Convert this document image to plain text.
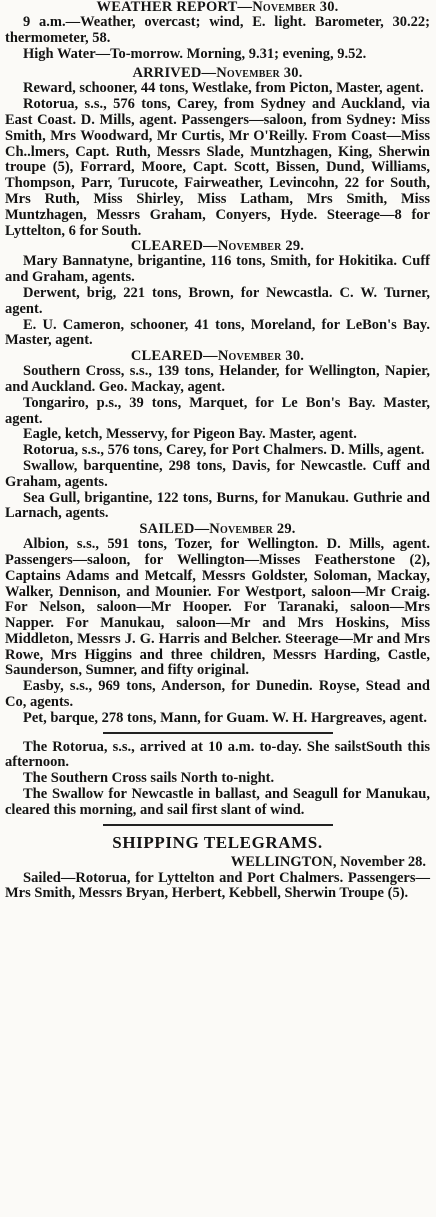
WEATHER REPORT—November 30.

9 a.m.—Weather, overcast; wind, E. light. Barometer, 30.22; thermometer, 58.

High Water—To-morrow. Morning, 9.31; evening, 9.52.

ARRIVED—November 30.

Reward, schooner, 44 tons, Westlake, from Picton, Master, agent.

Rotorua, s.s., 576 tons, Carey, from Sydney and Auckland, via East Coast. D. Mills, agent. Passengers—saloon, from Sydney: Miss Smith, Mrs Woodward, Mr Curtis, Mr O'Reilly. From Coast—Miss Ch..lmers, Capt. Ruth, Messrs Slade, Muntzhagen, King, Sherwin troupe (5), Forrard, Moore, Capt. Scott, Bissen, Dund, Williams, Thompson, Parr, Turucote, Fairweather, Levincohn, 22 for South, Mrs Ruth, Miss Shirley, Miss Latham, Mrs Smith, Miss Muntzhagen, Messrs Graham, Conyers, Hyde. Steerage—8 for Lyttelton, 6 for South.

CLEARED—November 29.

Mary Bannatyne, brigantine, 116 tons, Smith, for Hokitika. Cuff and Graham, agents.

Derwent, brig, 221 tons, Brown, for Newcastla. C. W. Turner, agent.

E. U. Cameron, schooner, 41 tons, Moreland, for LeBon's Bay. Master, agent.

CLEARED—November 30.

Southern Cross, s.s., 139 tons, Helander, for Wellington, Napier, and Auckland. Geo. Mackay, agent.

Tongariro, p.s., 39 tons, Marquet, for Le Bon's Bay. Master, agent.

Eagle, ketch, Messervy, for Pigeon Bay. Master, agent.

Rotorua, s.s., 576 tons, Carey, for Port Chalmers. D. Mills, agent.

Swallow, barquentine, 298 tons, Davis, for Newcastle. Cuff and Graham, agents.

Sea Gull, brigantine, 122 tons, Burns, for Manukau. Guthrie and Larnach, agents.

SAILED—November 29.

Albion, s.s., 591 tons, Tozer, for Wellington. D. Mills, agent. Passengers—saloon, for Wellington—Misses Featherstone (2), Captains Adams and Metcalf, Messrs Goldster, Soloman, Mackay, Walker, Dennison, and Mounier. For Westport, saloon—Mr Craig. For Nelson, saloon—Mr Hooper. For Taranaki, saloon—Mrs Napper. For Manukau, saloon—Mr and Mrs Hoskins, Miss Middleton, Messrs J. G. Harris and Belcher. Steerage—Mr and Mrs Rowe, Mrs Higgins and three children, Messrs Harding, Castle, Saunderson, Sumner, and fifty original.

Easby, s.s., 969 tons, Anderson, for Dunedin. Royse, Stead and Co, agents.

Pet, barque, 278 tons, Mann, for Guam. W. H. Hargreaves, agent.

The Rotorua, s.s., arrived at 10 a.m. to-day. She sailstSouth this afternoon.

The Southern Cross sails North to-night.

The Swallow for Newcastle in ballast, and Seagull for Manukau, cleared this morning, and sail first slant of wind.

SHIPPING TELEGRAMS.

WELLINGTON, November 28.

Sailed—Rotorua, for Lyttelton and Port Chalmers. Passengers—Mrs Smith, Messrs Bryan, Herbert, Kebbell, Sherwin Troupe (5).
